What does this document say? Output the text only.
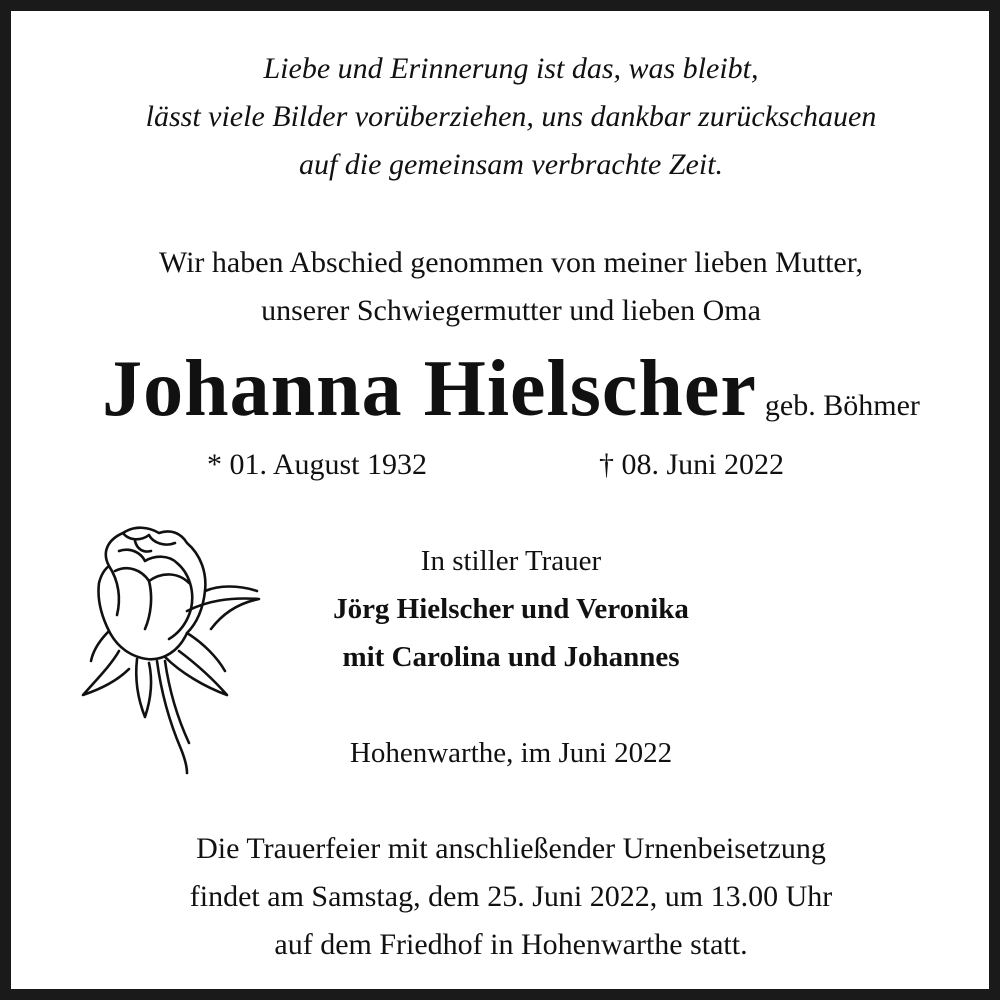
Liebe und Erinnerung ist das, was bleibt,
lässt viele Bilder vorüberziehen, uns dankbar zurückschauen
auf die gemeinsam verbrachte Zeit.
Wir haben Abschied genommen von meiner lieben Mutter,
unserer Schwiegermutter und lieben Oma
Johanna Hielscher geb. Böhmer
* 01. August 1932	† 08. Juni 2022
In stiller Trauer
Jörg Hielscher und Veronika
mit Carolina und Johannes
Hohenwarthe, im Juni 2022
Die Trauerfeier mit anschließender Urnenbeisetzung
findet am Samstag, dem 25. Juni 2022, um 13.00 Uhr
auf dem Friedhof in Hohenwarthe statt.
